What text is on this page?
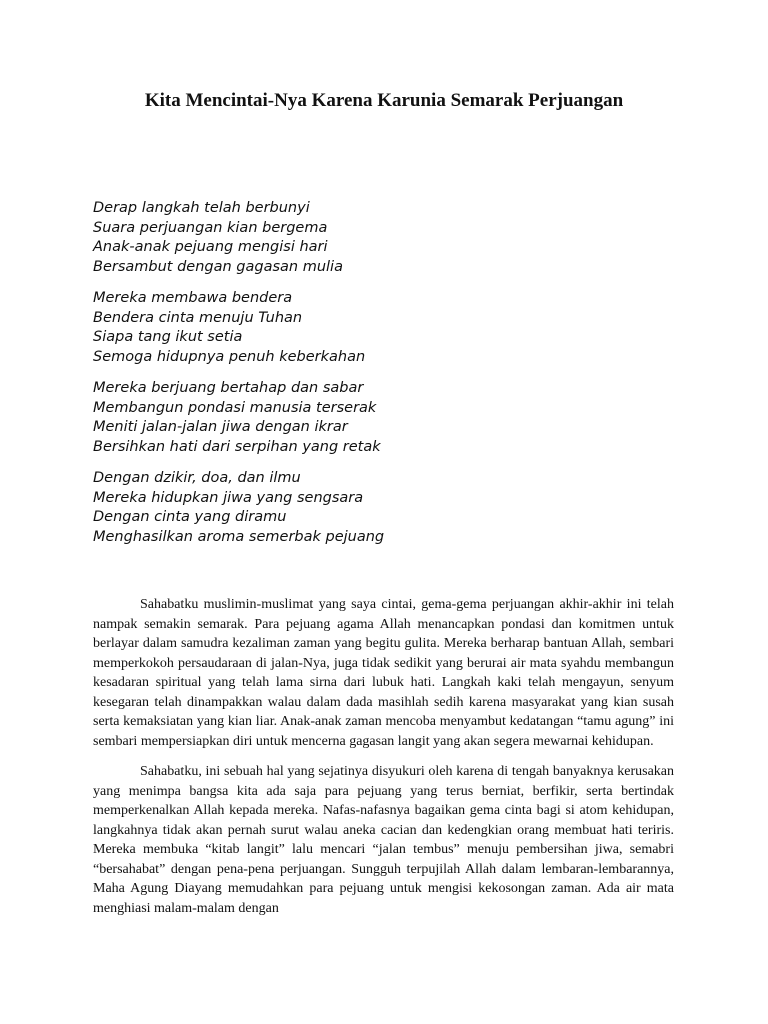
Kita Mencintai-Nya Karena Karunia Semarak Perjuangan
Derap langkah telah berbunyi
Suara perjuangan kian bergema
Anak-anak pejuang mengisi hari
Bersambut dengan gagasan mulia
Mereka membawa bendera
Bendera cinta menuju Tuhan
Siapa tang ikut setia
Semoga hidupnya penuh keberkahan
Mereka berjuang bertahap dan sabar
Membangun pondasi manusia terserak
Meniti jalan-jalan jiwa dengan ikrar
Bersihkan hati dari serpihan yang retak
Dengan dzikir, doa, dan ilmu
Mereka hidupkan jiwa yang sengsara
Dengan cinta yang diramu
Menghasilkan aroma semerbak pejuang

Sahabatku muslimin-muslimat yang saya cintai, gema-gema perjuangan akhir-akhir ini telah nampak semakin semarak. Para pejuang agama Allah menancapkan pondasi dan komitmen untuk berlayar dalam samudra kezaliman zaman yang begitu gulita. Mereka berharap bantuan Allah, sembari memperkokoh persaudaraan di jalan-Nya, juga tidak sedikit yang berurai air mata syahdu membangun kesadaran spiritual yang telah lama sirna dari lubuk hati. Langkah kaki telah mengayun, senyum kesegaran telah dinampakkan walau dalam dada masihlah sedih karena masyarakat yang kian susah serta kemaksiatan yang kian liar. Anak-anak zaman mencoba menyambut kedatangan “tamu agung” ini sembari mempersiapkan diri untuk mencerna gagasan langit yang akan segera mewarnai kehidupan.

Sahabatku, ini sebuah hal yang sejatinya disyukuri oleh karena di tengah banyaknya kerusakan yang menimpa bangsa kita ada saja para pejuang yang terus berniat, berfikir, serta bertindak memperkenalkan Allah kepada mereka. Nafas-nafasnya bagaikan gema cinta bagi si atom kehidupan, langkahnya tidak akan pernah surut walau aneka cacian dan kedengkian orang membuat hati teriris. Mereka membuka “kitab langit” lalu mencari “jalan tembus” menuju pembersihan jiwa, semabri “bersahabat” dengan pena-pena perjuangan. Sungguh terpujilah Allah dalam lembaran-lembarannya, Maha Agung Diayang memudahkan para pejuang untuk mengisi kekosongan zaman. Ada air mata menghiasi malam-malam dengan
